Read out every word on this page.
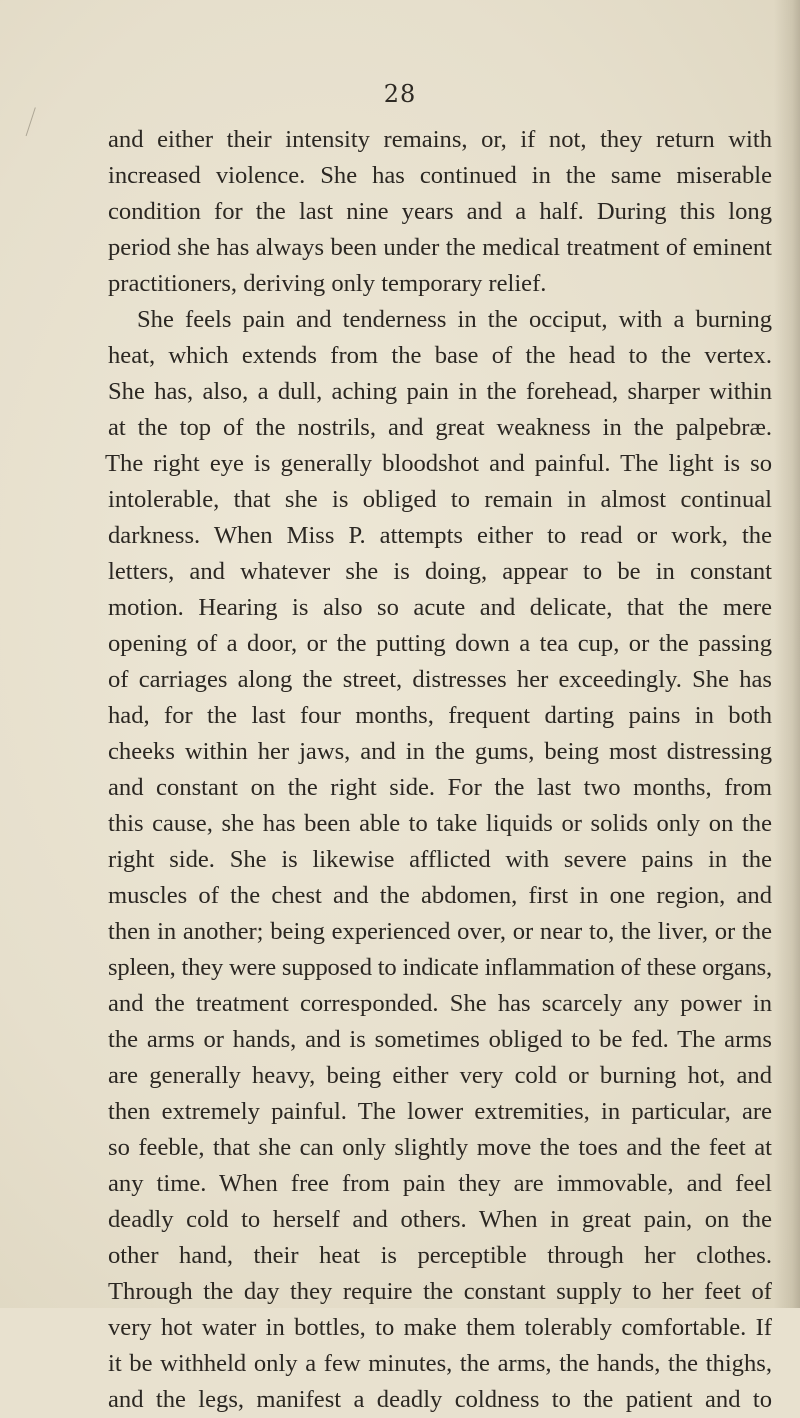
28
and either their intensity remains, or, if not, they return with
increased violence. She has continued in the same miserable
condition for the last nine years and a half. During this long
period she has always been under the medical treatment of eminent
practitioners, deriving only temporary relief.
She feels pain and tenderness in the occiput, with a burning
heat, which extends from the base of the head to the vertex.
She has, also, a dull, aching pain in the forehead, sharper within
at the top of the nostrils, and great weakness in the palpebræ.
The right eye is generally bloodshot and painful. The light is so
intolerable, that she is obliged to remain in almost continual
darkness. When Miss P. attempts either to read or work, the
letters, and whatever she is doing, appear to be in constant
motion. Hearing is also so acute and delicate, that the mere
opening of a door, or the putting down a tea cup, or the passing
of carriages along the street, distresses her exceedingly. She has
had, for the last four months, frequent darting pains in both
cheeks within her jaws, and in the gums, being most distressing
and constant on the right side. For the last two months, from
this cause, she has been able to take liquids or solids only on the
right side. She is likewise afflicted with severe pains in the
muscles of the chest and the abdomen, first in one region, and
then in another; being experienced over, or near to, the liver, or the
spleen, they were supposed to indicate inflammation of these organs,
and the treatment corresponded. She has scarcely any power in
the arms or hands, and is sometimes obliged to be fed. The arms
are generally heavy, being either very cold or burning hot, and
then extremely painful. The lower extremities, in particular, are
so feeble, that she can only slightly move the toes and the feet at
any time. When free from pain they are immovable, and feel
deadly cold to herself and others. When in great pain, on the
other hand, their heat is perceptible through her clothes.
Through the day they require the constant supply to her feet of
very hot water in bottles, to make them tolerably comfortable. If
it be withheld only a few minutes, the arms, the hands, the thighs,
and the legs, manifest a deadly coldness to the patient and to
